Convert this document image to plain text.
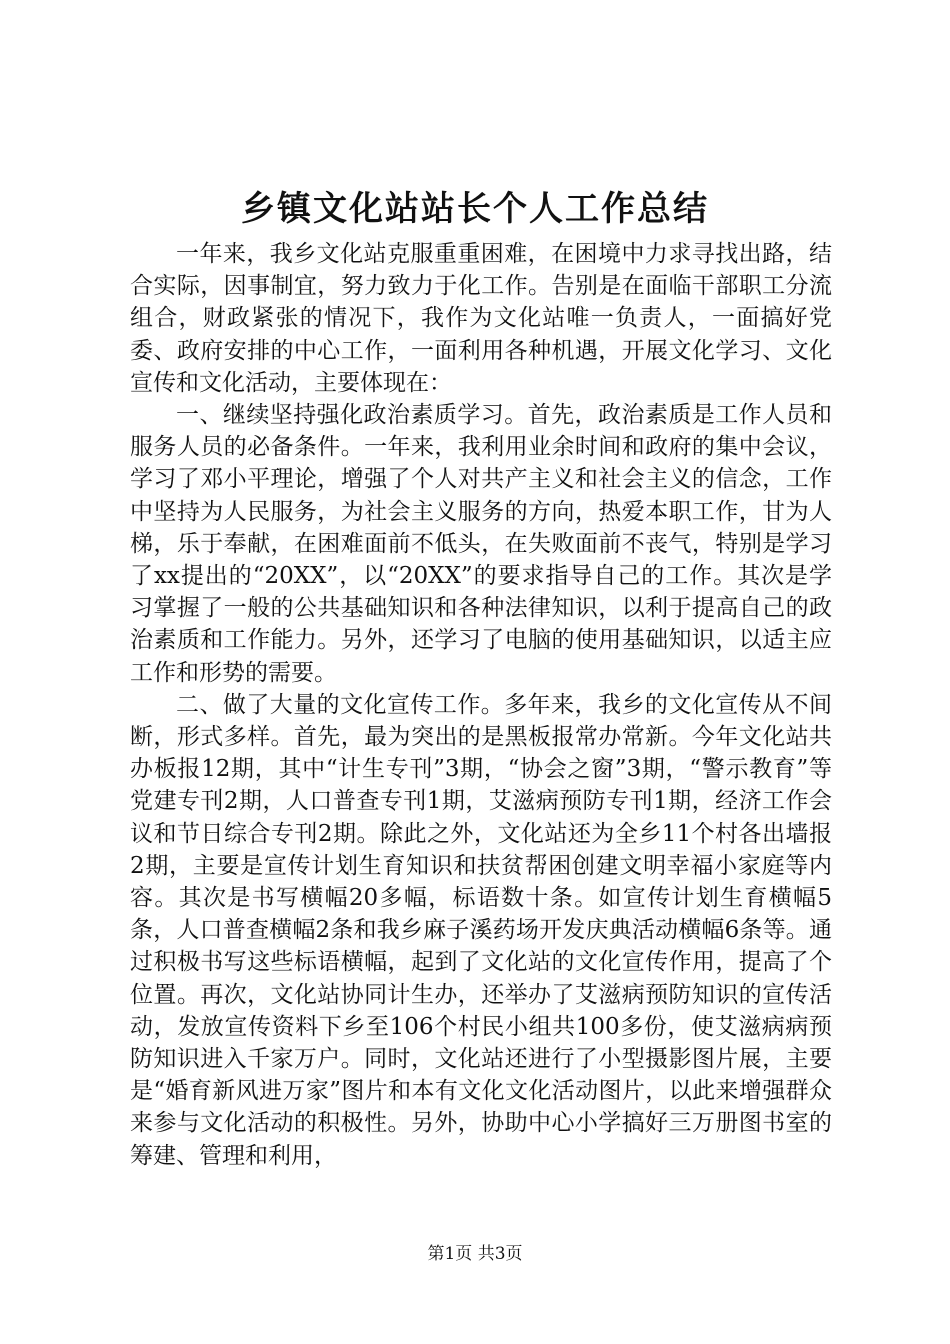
乡镇文化站站长个人工作总结

一年来，我乡文化站克服重重困难，在困境中力求寻找出路，结合实际，因事制宜，努力致力于化工作。告别是在面临干部职工分流组合，财政紧张的情况下，我作为文化站唯一负责人，一面搞好党委、政府安排的中心工作，一面利用各种机遇，开展文化学习、文化宣传和文化活动，主要体现在：

一、继续坚持强化政治素质学习。首先，政治素质是工作人员和服务人员的必备条件。一年来，我利用业余时间和政府的集中会议，学习了邓小平理论，增强了个人对共产主义和社会主义的信念，工作中坚持为人民服务，为社会主义服务的方向，热爱本职工作，甘为人梯，乐于奉献，在困难面前不低头，在失败面前不丧气，特别是学习了xx提出的“20XX”，以“20XX”的要求指导自己的工作。其次是学习掌握了一般的公共基础知识和各种法律知识，以利于提高自己的政治素质和工作能力。另外，还学习了电脑的使用基础知识，以适主应工作和形势的需要。

二、做了大量的文化宣传工作。多年来，我乡的文化宣传从不间断，形式多样。首先，最为突出的是黑板报常办常新。今年文化站共办板报12期，其中“计生专刊”3期，“协会之窗”3期，“警示教育”等党建专刊2期，人口普查专刊1期，艾滋病预防专刊1期，经济工作会议和节日综合专刊2期。除此之外，文化站还为全乡11个村各出墙报2期，主要是宣传计划生育知识和扶贫帮困创建文明幸福小家庭等内容。其次是书写横幅20多幅，标语数十条。如宣传计划生育横幅5条，人口普查横幅2条和我乡麻子溪药场开发庆典活动横幅6条等。通过积极书写这些标语横幅，起到了文化站的文化宣传作用，提高了个位置。再次，文化站协同计生办，还举办了艾滋病预防知识的宣传活动，发放宣传资料下乡至106个村民小组共100多份，使艾滋病病预防知识进入千家万户。同时，文化站还进行了小型摄影图片展，主要是“婚育新风进万家”图片和本有文化文化活动图片，以此来增强群众来参与文化活动的积极性。另外，协助中心小学搞好三万册图书室的筹建、管理和利用，

第1页 共3页
